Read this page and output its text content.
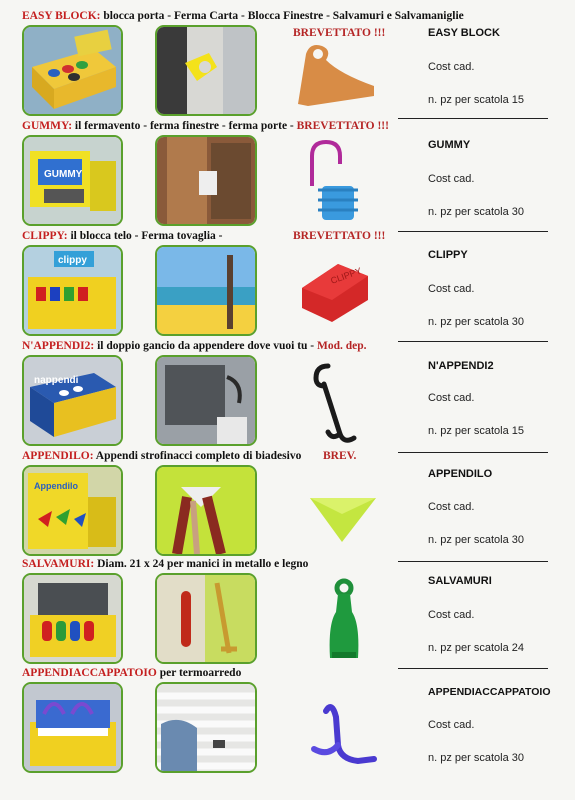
EASY BLOCK: blocca porta - Ferma Carta - Blocca Finestre - Salvamuri e Salvamaniglie
BREVETTATO !!!	EASY BLOCK
Cost cad.
n. pz per scatola 15
GUMMY: il fermavento - ferma finestre - ferma porte - BREVETTATO !!!
GUMMY
GUMMY
Cost cad.
n. pz per scatola 30
CLIPPY: il blocca telo - Ferma tovaglia -	BREVETTATO !!!
clippy
CLIPPY
CLIPPY
Cost cad.
n. pz per scatola 30
N'APPENDI2: il doppio gancio da appendere dove vuoi tu - Mod. dep.
nappendi
N'APPENDI2
Cost cad.
n. pz per scatola 15
APPENDILO: Appendi strofinacci completo di biadesivo BREV.
Appendilo
APPENDILO
Cost cad.
n. pz per scatola 30
SALVAMURI: Diam. 21 x 24 per manici in metallo e legno
SALVAMURI
Cost cad.
n. pz per scatola 24
APPENDIACCAPPATOIO per termoarredo
APPENDIACCAPPATOIO
Cost cad.
n. pz per scatola 30
